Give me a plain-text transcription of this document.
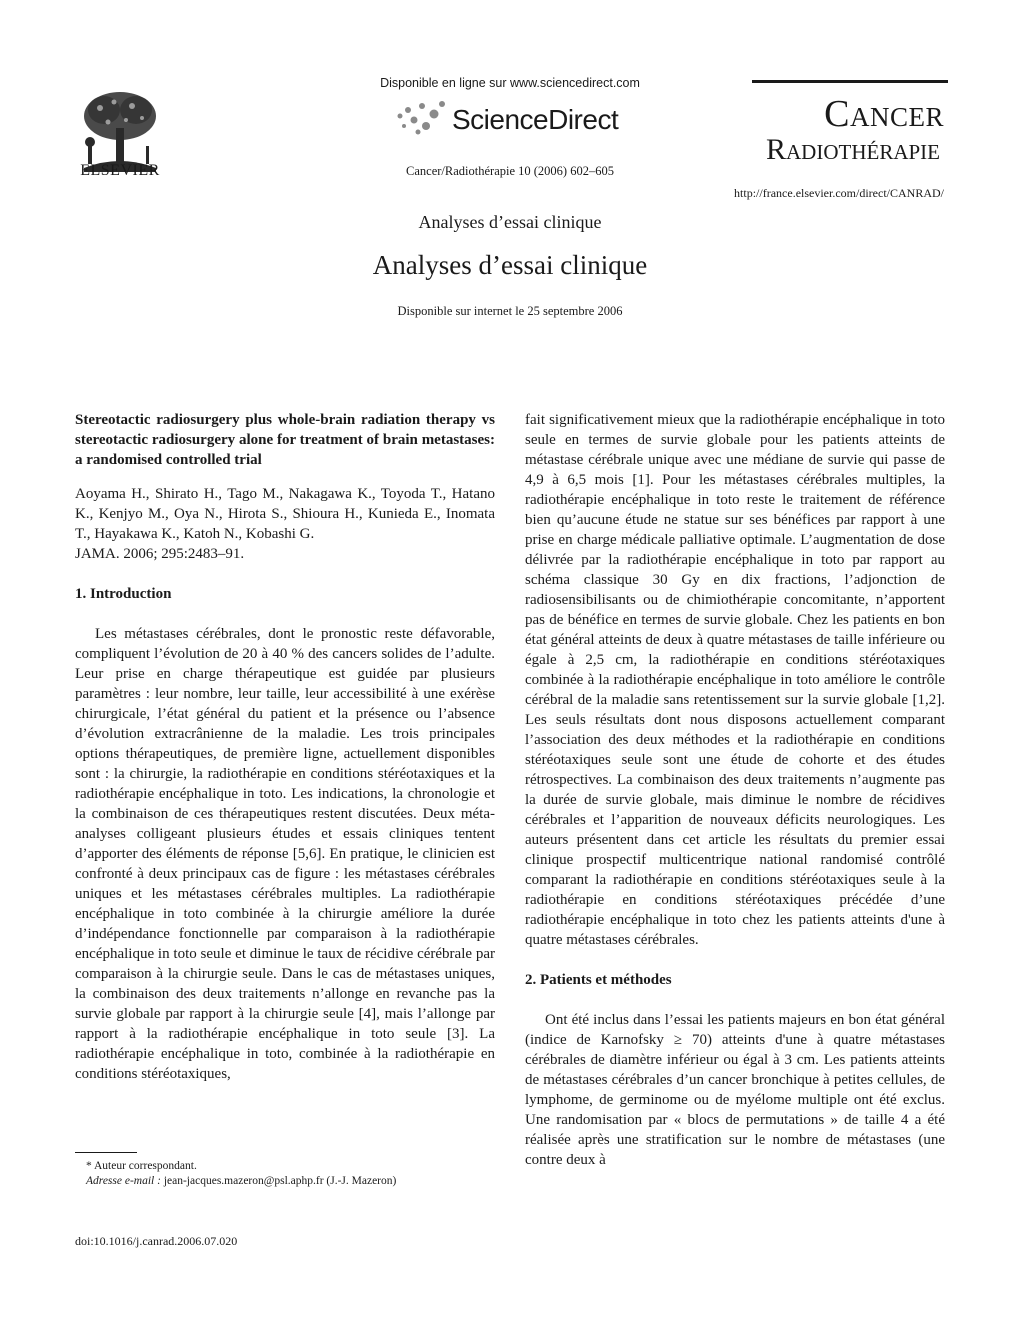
ELSEVIER
Disponible en ligne sur www.sciencedirect.com
ScienceDirect
Cancer/Radiothérapie 10 (2006) 602–605
Cancer
Radiothérapie
http://france.elsevier.com/direct/CANRAD/
Analyses d’essai clinique
Analyses d’essai clinique
Disponible sur internet le 25 septembre 2006

Stereotactic radiosurgery plus whole-brain radiation therapy vs stereotactic radiosurgery alone for treatment of brain metastases: a randomised controlled trial

Aoyama H., Shirato H., Tago M., Nakagawa K., Toyoda T., Hatano K., Kenjyo M., Oya N., Hirota S., Shioura H., Kunieda E., Inomata T., Hayakawa K., Katoh N., Kobashi G.

JAMA. 2006; 295:2483–91.

1. Introduction

Les métastases cérébrales, dont le pronostic reste défavorable, compliquent l’évolution de 20 à 40 % des cancers solides de l’adulte. Leur prise en charge thérapeutique est guidée par plusieurs paramètres : leur nombre, leur taille, leur accessibilité à une exérèse chirurgicale, l’état général du patient et la présence ou l’absence d’évolution extracrânienne de la maladie. Les trois principales options thérapeutiques, de première ligne, actuellement disponibles sont : la chirurgie, la radiothérapie en conditions stéréotaxiques et la radiothérapie encéphalique in toto. Les indications, la chronologie et la combinaison de ces thérapeutiques restent discutées. Deux méta-analyses colligeant plusieurs études et essais cliniques tentent d’apporter des éléments de réponse [5,6]. En pratique, le clinicien est confronté à deux principaux cas de figure : les métastases cérébrales uniques et les métastases cérébrales multiples. La radiothérapie encéphalique in toto combinée à la chirurgie améliore la durée d’indépendance fonctionnelle par comparaison à la radiothérapie encéphalique in toto seule et diminue le taux de récidive cérébrale par comparaison à la chirurgie seule. Dans le cas de métastases uniques, la combinaison des deux traitements n’allonge en revanche pas la survie globale par rapport à la chirurgie seule [4], mais l’allonge par rapport à la radiothérapie encéphalique in toto seule [3]. La radiothérapie encéphalique in toto, combinée à la radiothérapie en conditions stéréotaxiques,

fait significativement mieux que la radiothérapie encéphalique in toto seule en termes de survie globale pour les patients atteints de métastase cérébrale unique avec une médiane de survie qui passe de 4,9 à 6,5 mois [1]. Pour les métastases cérébrales multiples, la radiothérapie encéphalique in toto reste le traitement de référence bien qu’aucune étude ne statue sur ses bénéfices par rapport à une prise en charge médicale palliative optimale. L’augmentation de dose délivrée par la radiothérapie encéphalique in toto par rapport au schéma classique 30 Gy en dix fractions, l’adjonction de radiosensibilisants ou de chimiothérapie concomitante, n’apportent pas de bénéfice en termes de survie globale. Chez les patients en bon état général atteints de deux à quatre métastases de taille inférieure ou égale à 2,5 cm, la radiothérapie en conditions stéréotaxiques combinée à la radiothérapie encéphalique in toto améliore le contrôle cérébral de la maladie sans retentissement sur la survie globale [1,2]. Les seuls résultats dont nous disposons actuellement comparant l’association des deux méthodes et la radiothérapie en conditions stéréotaxiques seule sont une étude de cohorte et des études rétrospectives. La combinaison des deux traitements n’augmente pas la durée de survie globale, mais diminue le nombre de récidives cérébrales et l’apparition de nouveaux déficits neurologiques. Les auteurs présentent dans cet article les résultats du premier essai clinique prospectif multicentrique national randomisé contrôlé comparant la radiothérapie en conditions stéréotaxiques seule à la radiothérapie en conditions stéréotaxiques précédée d’une radiothérapie encéphalique in toto chez les patients atteints d'une à quatre métastases cérébrales.

2. Patients et méthodes

Ont été inclus dans l’essai les patients majeurs en bon état général (indice de Karnofsky ≥ 70) atteints d'une à quatre métastases cérébrales de diamètre inférieur ou égal à 3 cm. Les patients atteints de métastases cérébrales d’un cancer bronchique à petites cellules, de lymphome, de germinome ou de myélome multiple ont été exclus. Une randomisation par « blocs de permutations » de taille 4 a été réalisée après une stratification sur le nombre de métastases (une contre deux à

* Auteur correspondant.
Adresse e-mail : jean-jacques.mazeron@psl.aphp.fr (J.-J. Mazeron)
doi:10.1016/j.canrad.2006.07.020
